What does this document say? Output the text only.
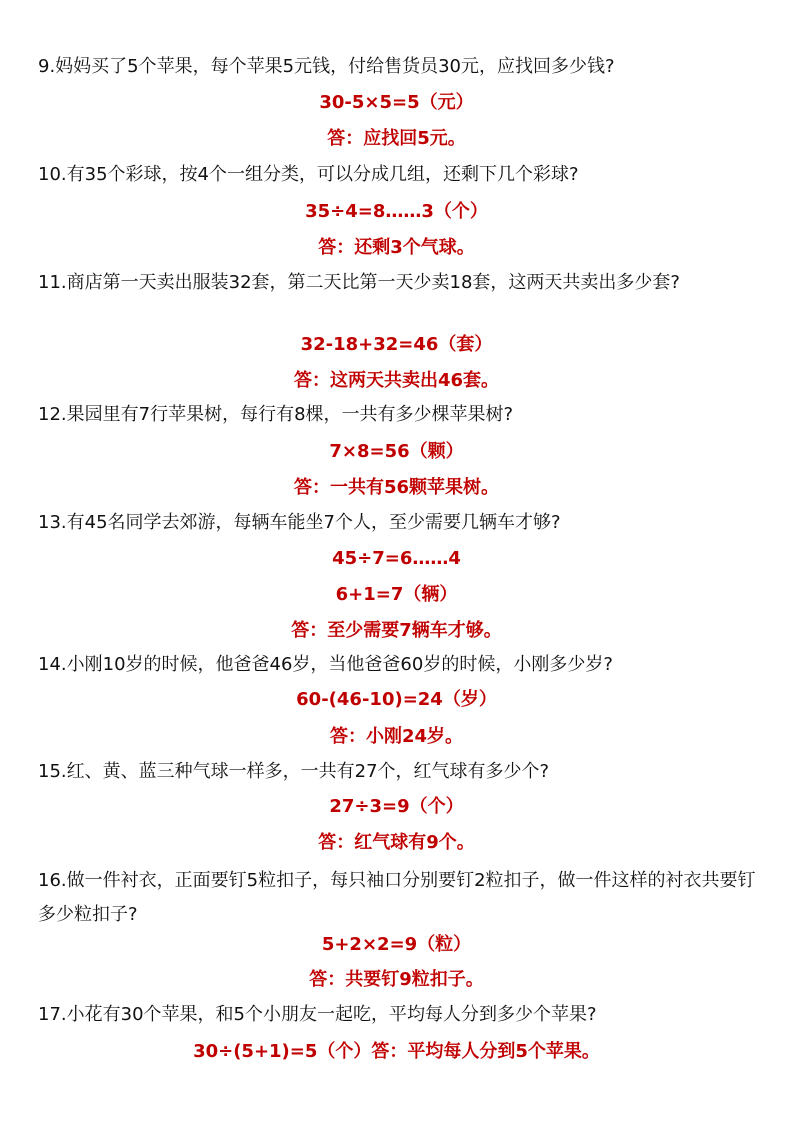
9.妈妈买了5个苹果，每个苹果5元钱，付给售货员30元，应找回多少钱?
30-5×5=5（元）
答：应找回5元。
10.有35个彩球，按4个一组分类，可以分成几组，还剩下几个彩球?
35÷4=8……3（个）
答：还剩3个气球。
11.商店第一天卖出服装32套，第二天比第一天少卖18套，这两天共卖出多少套?
32-18+32=46（套）
答：这两天共卖出46套。
12.果园里有7行苹果树，每行有8棵，一共有多少棵苹果树?
7×8=56（颗）
答：一共有56颗苹果树。
13.有45名同学去郊游，每辆车能坐7个人，至少需要几辆车才够?
45÷7=6……4
6+1=7（辆）
答：至少需要7辆车才够。
14.小刚10岁的时候，他爸爸46岁，当他爸爸60岁的时候，小刚多少岁?
60-(46-10)=24（岁）
答：小刚24岁。
15.红、黄、蓝三种气球一样多，一共有27个，红气球有多少个?
27÷3=9（个）
答：红气球有9个。
16.做一件衬衣，正面要钉5粒扣子，每只袖口分别要钉2粒扣子，做一件这样的衬衣共要钉多少粒扣子?
5+2×2=9（粒）
答：共要钉9粒扣子。
17.小花有30个苹果，和5个小朋友一起吃，平均每人分到多少个苹果?
30÷(5+1)=5（个）答：平均每人分到5个苹果。
